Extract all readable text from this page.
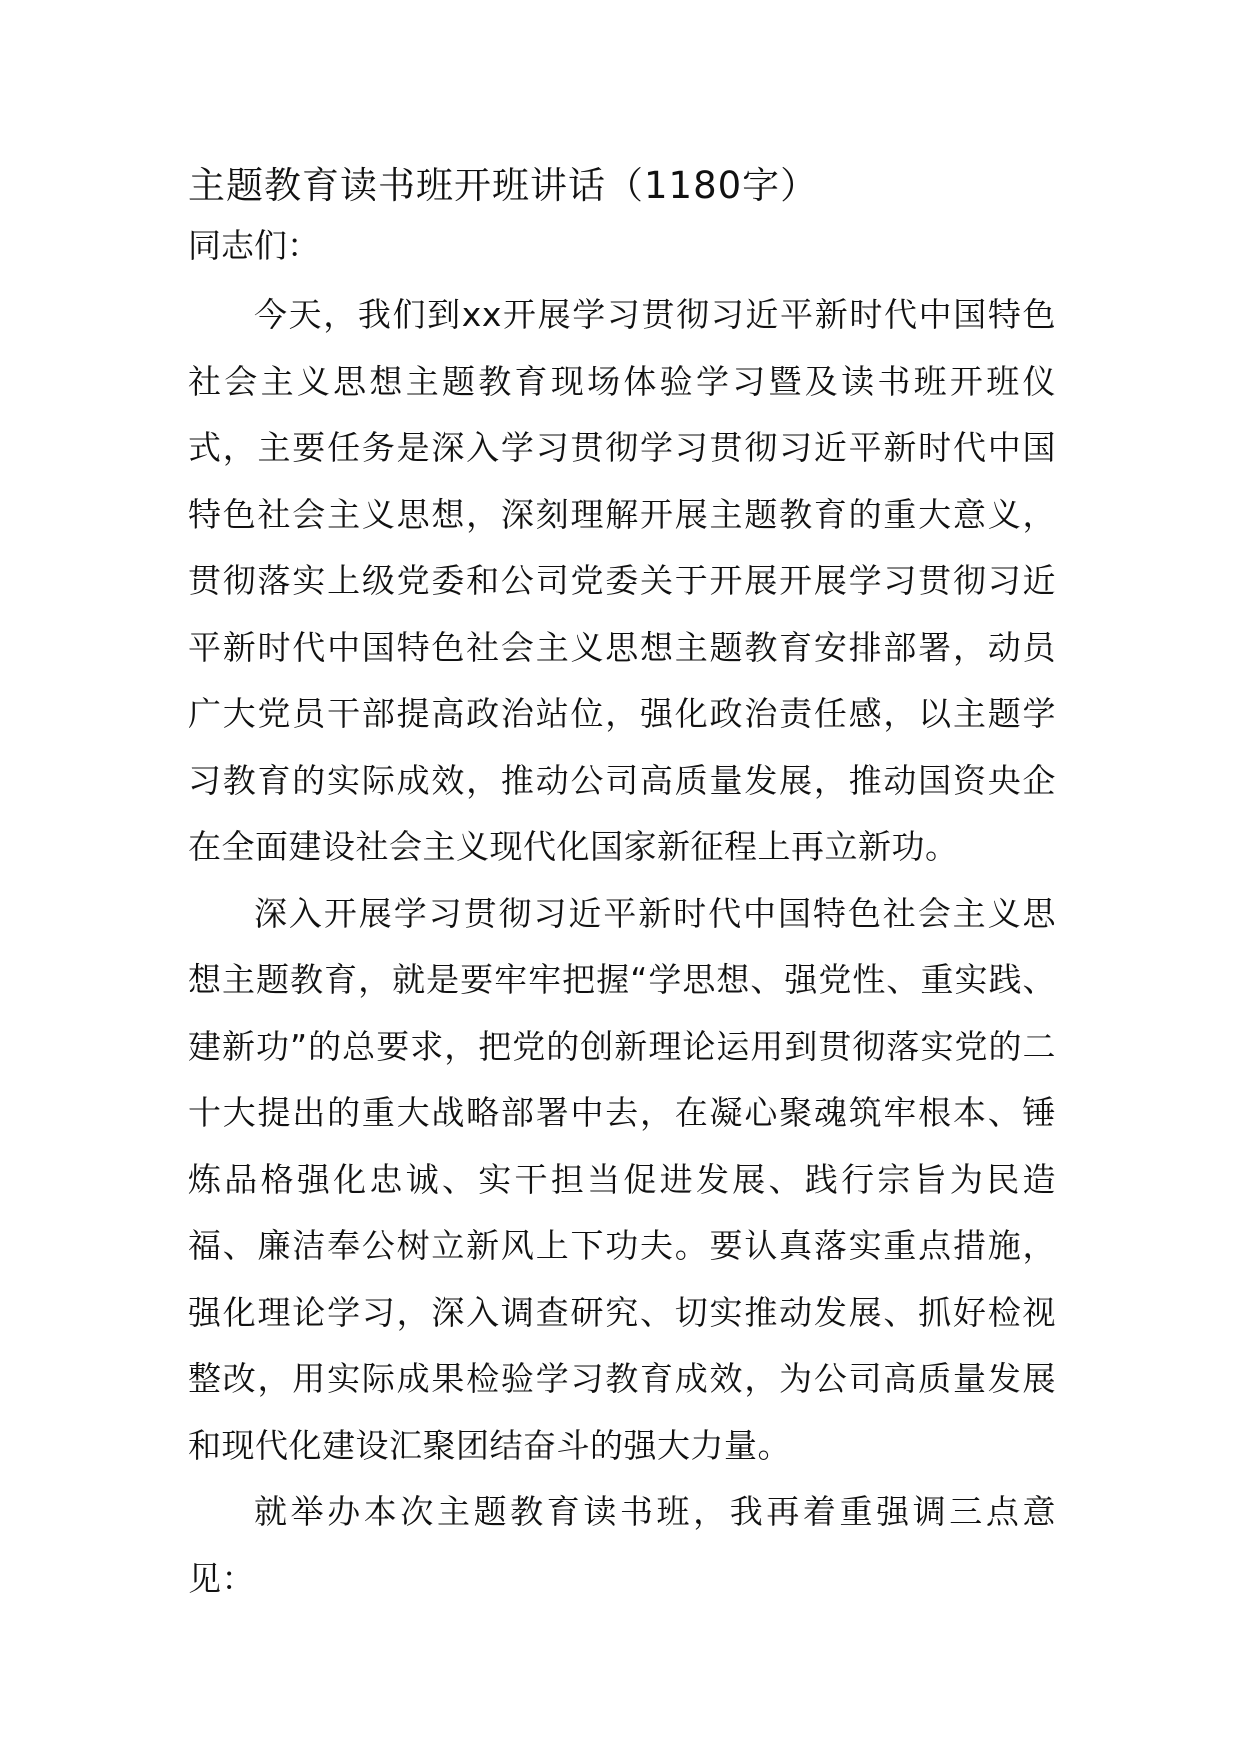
主题教育读书班开班讲话（1180字）

同志们：

今天，我们到xx开展学习贯彻习近平新时代中国特色社会主义思想主题教育现场体验学习暨及读书班开班仪式，主要任务是深入学习贯彻学习贯彻习近平新时代中国特色社会主义思想，深刻理解开展主题教育的重大意义，贯彻落实上级党委和公司党委关于开展开展学习贯彻习近平新时代中国特色社会主义思想主题教育安排部署，动员广大党员干部提高政治站位，强化政治责任感，以主题学习教育的实际成效，推动公司高质量发展，推动国资央企在全面建设社会主义现代化国家新征程上再立新功。

深入开展学习贯彻习近平新时代中国特色社会主义思想主题教育，就是要牢牢把握“学思想、强党性、重实践、建新功”的总要求，把党的创新理论运用到贯彻落实党的二十大提出的重大战略部署中去，在凝心聚魂筑牢根本、锤炼品格强化忠诚、实干担当促进发展、践行宗旨为民造福、廉洁奉公树立新风上下功夫。要认真落实重点措施，强化理论学习，深入调查研究、切实推动发展、抓好检视整改，用实际成果检验学习教育成效，为公司高质量发展和现代化建设汇聚团结奋斗的强大力量。

就举办本次主题教育读书班，我再着重强调三点意见：
